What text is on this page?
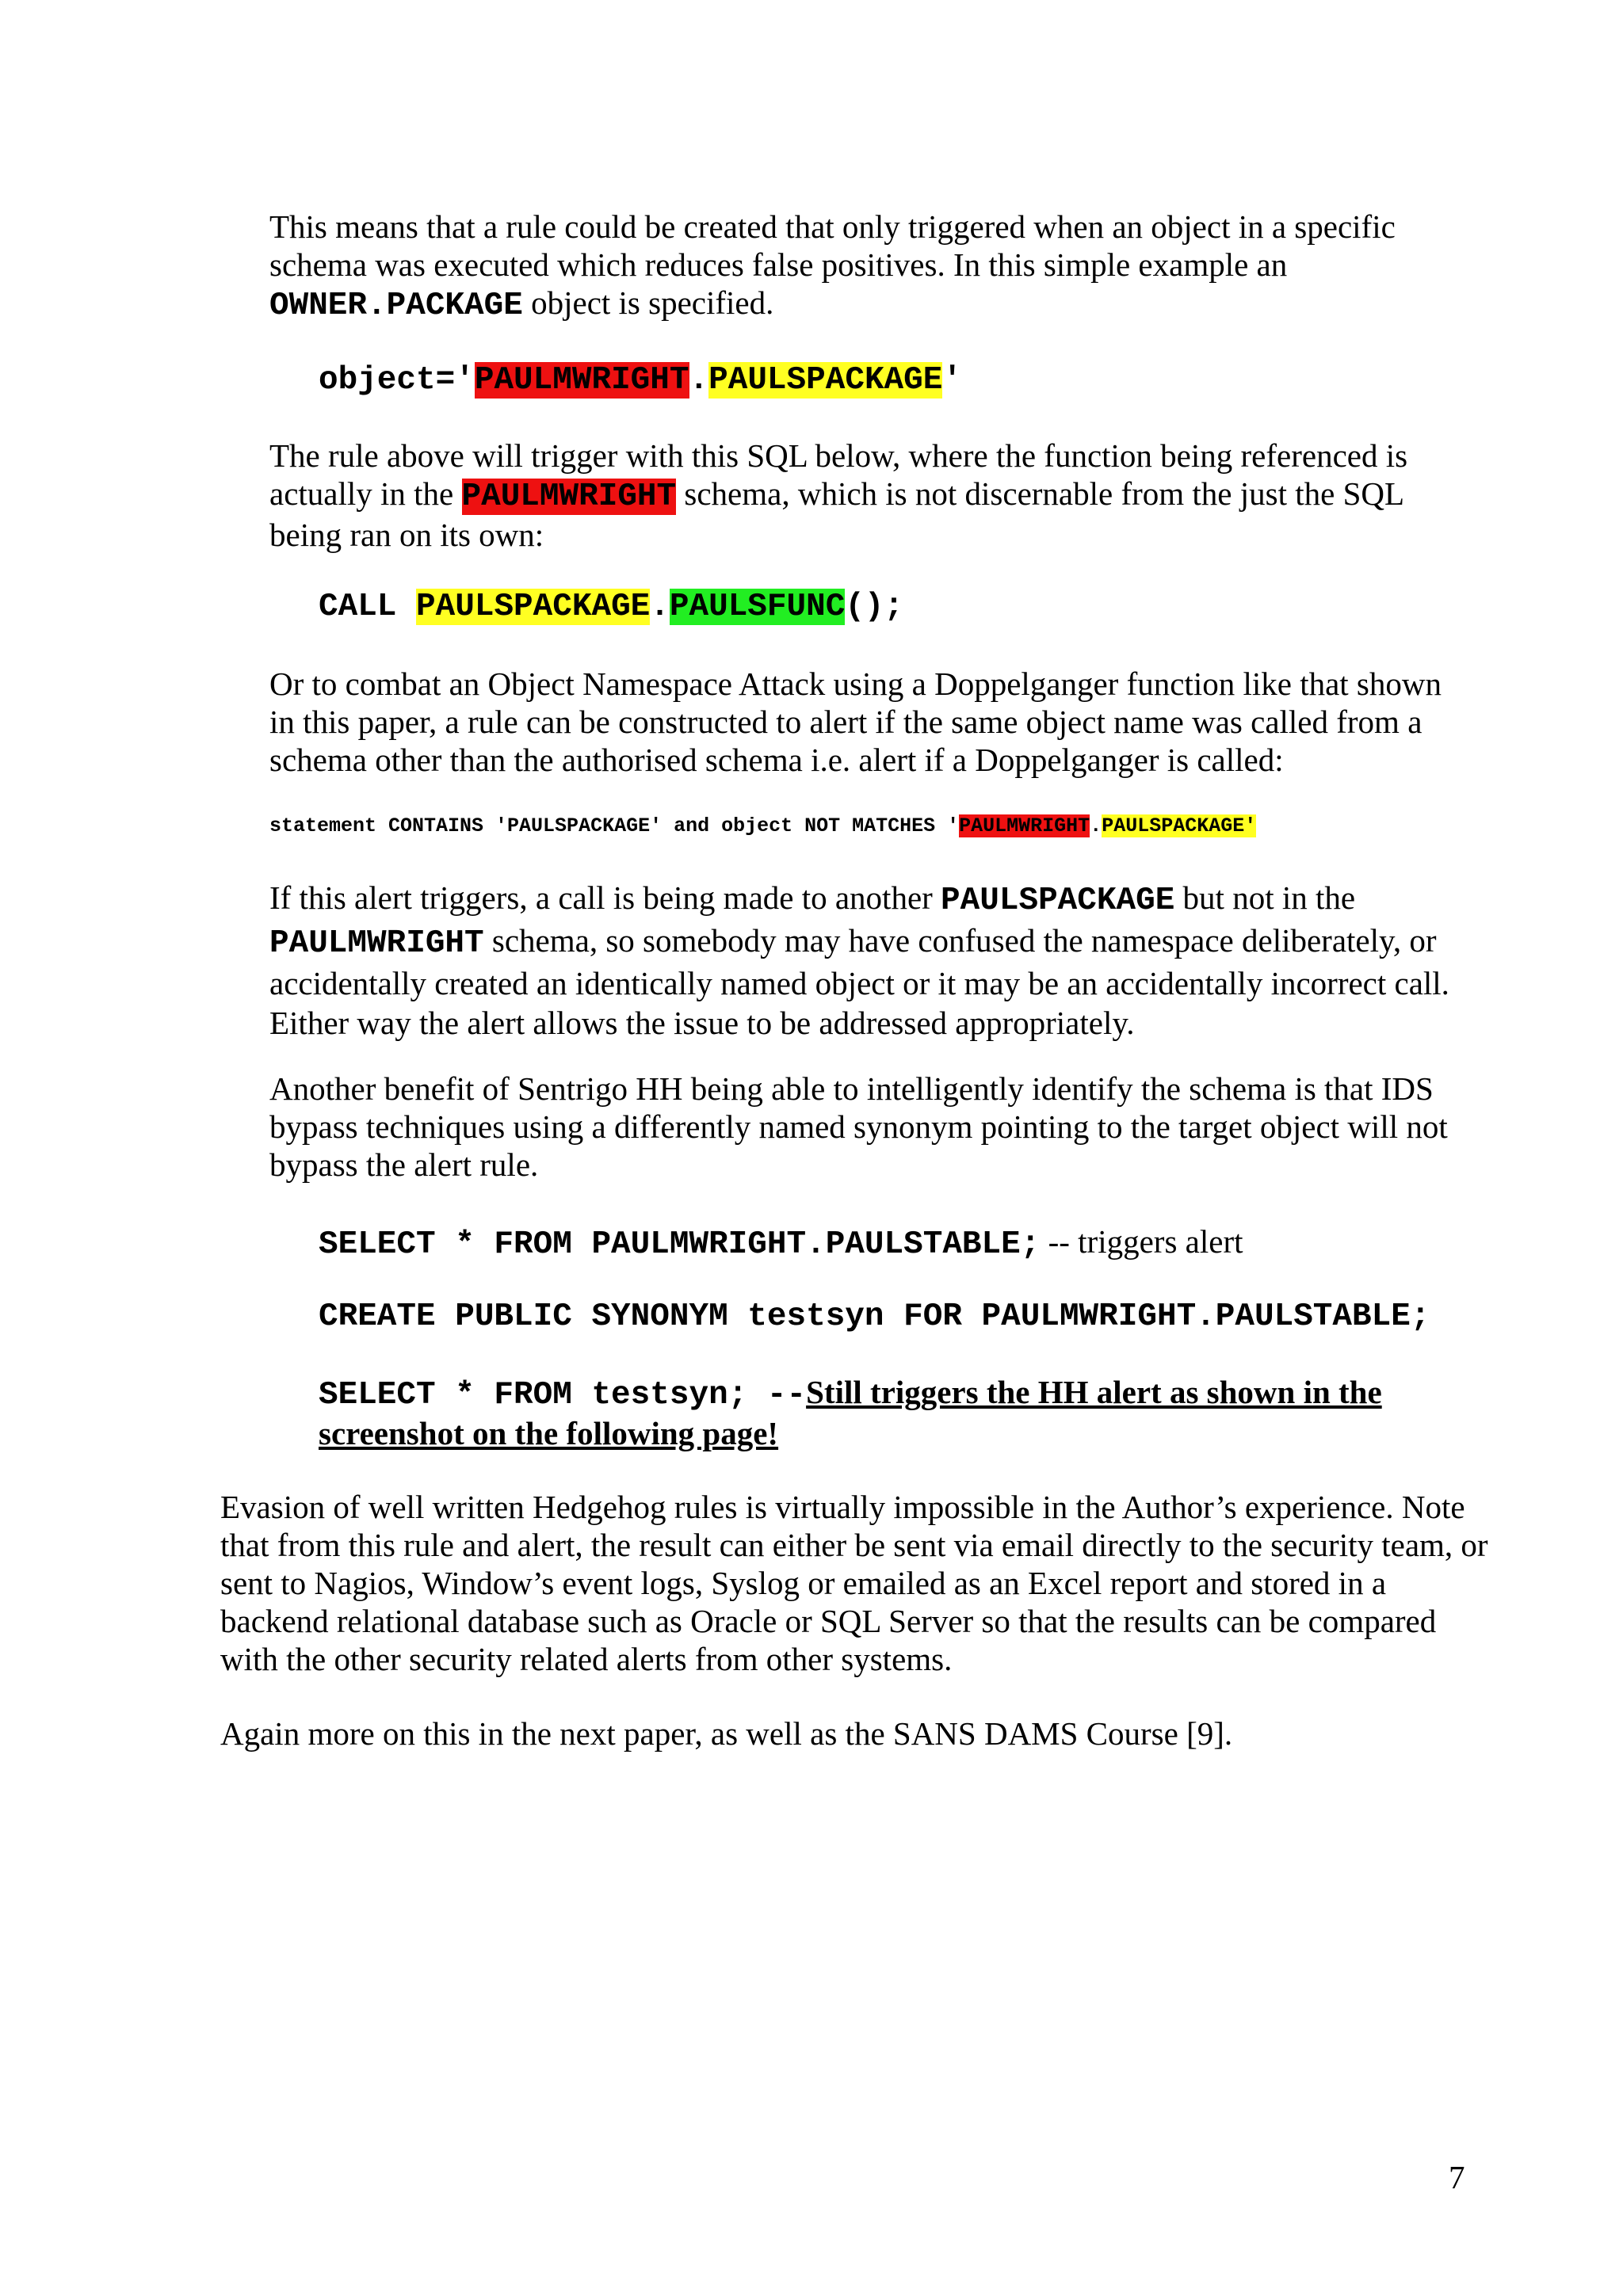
This means that a rule could be created that only triggered when an object in a specific schema was executed which reduces false positives. In this simple example an OWNER.PACKAGE object is specified.

object='PAULMWRIGHT.PAULSPACKAGE'

The rule above will trigger with this SQL below, where the function being referenced is actually in the PAULMWRIGHT schema, which is not discernable from the just the SQL being ran on its own:

CALL PAULSPACKAGE.PAULSFUNC();

Or to combat an Object Namespace Attack using a Doppelganger function like that shown in this paper, a rule can be constructed to alert if the same object name was called from a schema other than the authorised schema i.e. alert if a Doppelganger is called:

statement CONTAINS 'PAULSPACKAGE' and object NOT MATCHES 'PAULMWRIGHT.PAULSPACKAGE'

If this alert triggers, a call is being made to another PAULSPACKAGE but not in the PAULMWRIGHT schema, so somebody may have confused the namespace deliberately, or accidentally created an identically named object or it may be an accidentally incorrect call. Either way the alert allows the issue to be addressed appropriately.

Another benefit of Sentrigo HH being able to intelligently identify the schema is that IDS bypass techniques using a differently named synonym pointing to the target object will not bypass the alert rule.

SELECT * FROM PAULMWRIGHT.PAULSTABLE; -- triggers alert

CREATE PUBLIC SYNONYM testsyn FOR PAULMWRIGHT.PAULSTABLE;

SELECT * FROM testsyn; --Still triggers the HH alert as shown in the screenshot on the following page!

Evasion of well written Hedgehog rules is virtually impossible in the Author’s experience. Note that from this rule and alert, the result can either be sent via email directly to the security team, or sent to Nagios, Window’s event logs, Syslog or emailed as an Excel report and stored in a backend relational database such as Oracle or SQL Server so that the results can be compared with the other security related alerts from other systems.

Again more on this in the next paper, as well as the SANS DAMS Course [9].

7
